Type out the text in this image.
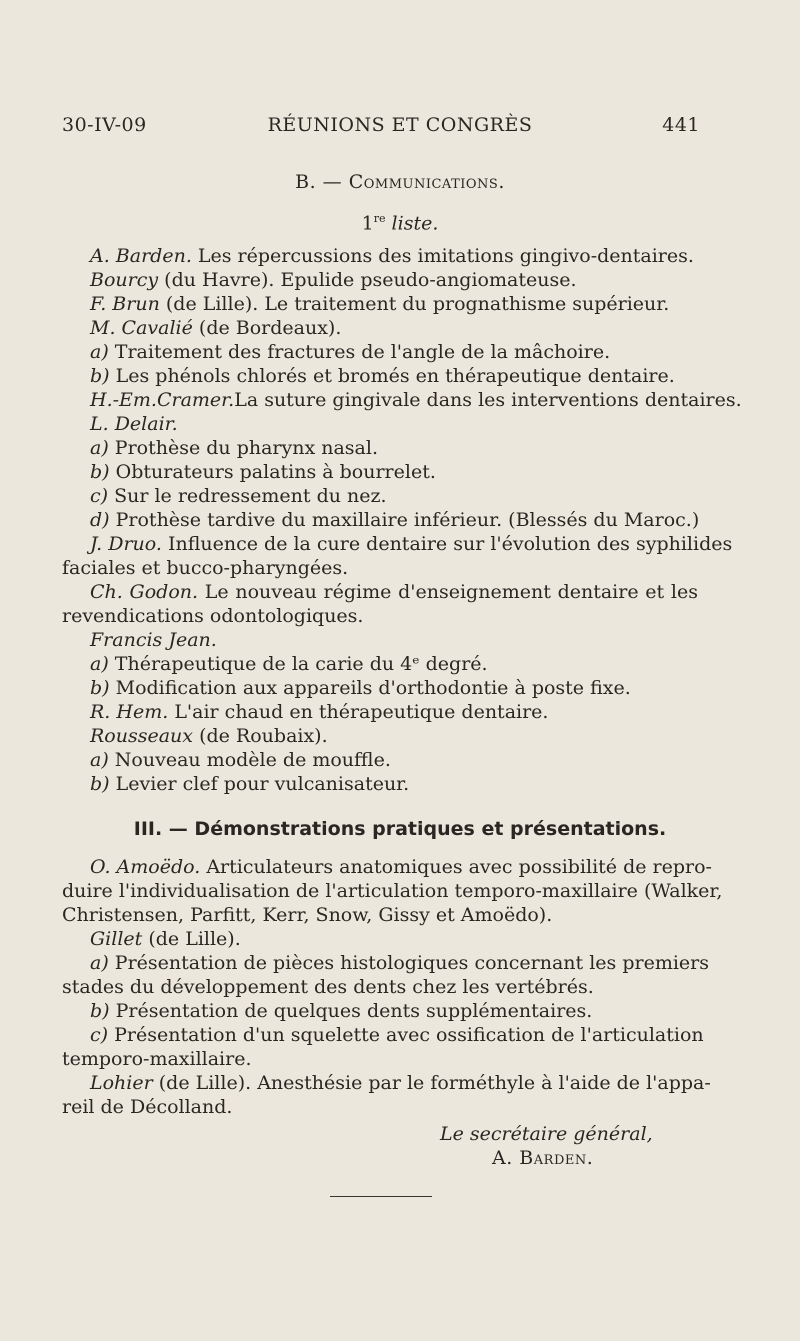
30-IV-09	RÉUNIONS ET CONGRÈS	441
B. — Communications.
1re liste.
A. Barden. Les répercussions des imitations gingivo-dentaires.
Bourcy (du Havre). Epulide pseudo-angiomateuse.
F. Brun (de Lille). Le traitement du prognathisme supérieur.
M. Cavalié (de Bordeaux).
a) Traitement des fractures de l'angle de la mâchoire.
b) Les phénols chlorés et bromés en thérapeutique dentaire.
H.-Em.Cramer.La suture gingivale dans les interventions dentaires.
L. Delair.
a) Prothèse du pharynx nasal.
b) Obturateurs palatins à bourrelet.
c) Sur le redressement du nez.
d) Prothèse tardive du maxillaire inférieur. (Blessés du Maroc.)
J. Druo. Influence de la cure dentaire sur l'évolution des syphilides
faciales et bucco-pharyngées.
Ch. Godon. Le nouveau régime d'enseignement dentaire et les
revendications odontologiques.
Francis Jean.
a) Thérapeutique de la carie du 4ᵉ degré.
b) Modification aux appareils d'orthodontie à poste fixe.
R. Hem. L'air chaud en thérapeutique dentaire.
Rousseaux (de Roubaix).
a) Nouveau modèle de mouffle.
b) Levier clef pour vulcanisateur.
III. — Démonstrations pratiques et présentations.
O. Amoëdo. Articulateurs anatomiques avec possibilité de repro-
duire l'individualisation de l'articulation temporo-maxillaire (Walker,
Christensen, Parfitt, Kerr, Snow, Gissy et Amoëdo).
Gillet (de Lille).
a) Présentation de pièces histologiques concernant les premiers
stades du développement des dents chez les vertébrés.
b) Présentation de quelques dents supplémentaires.
c) Présentation d'un squelette avec ossification de l'articulation
temporo-maxillaire.
Lohier (de Lille). Anesthésie par le forméthyle à l'aide de l'appa-
reil de Décolland.
Le secrétaire général,
A. Barden.
